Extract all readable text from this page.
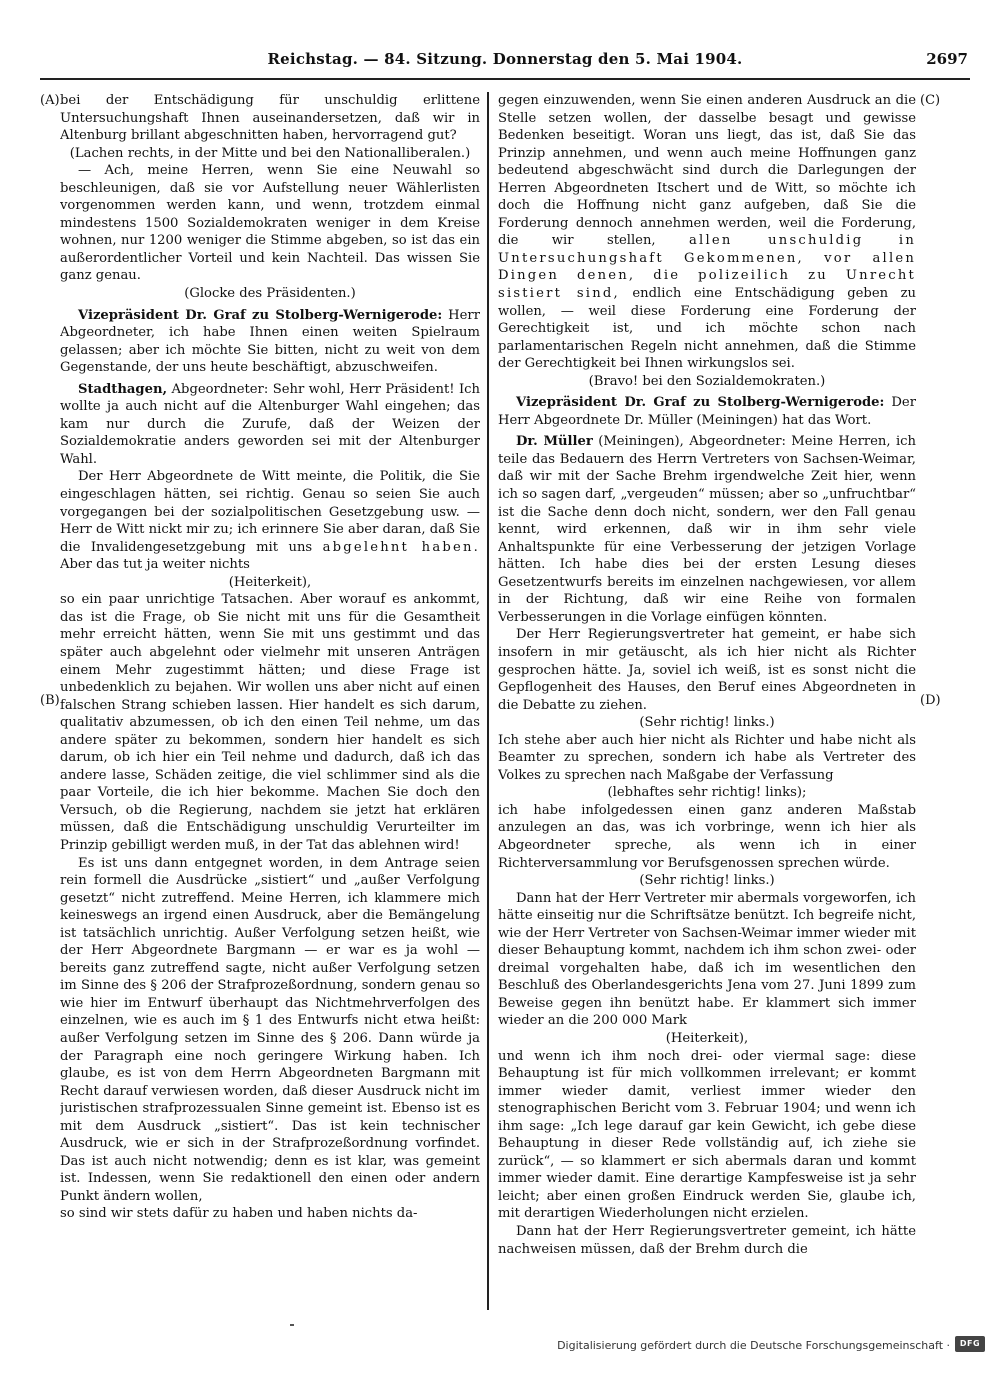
Reichstag. — 84. Sitzung. Donnerstag den 5. Mai 1904.	2697
(A)
(B)
(C)
(D)

bei der Entschädigung für unschuldig erlittene Untersuchungshaft Ihnen auseinandersetzen, daß wir in Altenburg brillant abgeschnitten haben, hervorragend gut?

(Lachen rechts, in der Mitte und bei den Nationalliberalen.)

— Ach, meine Herren, wenn Sie eine Neuwahl so beschleunigen, daß sie vor Aufstellung neuer Wählerlisten vorgenommen werden kann, und wenn, trotzdem einmal mindestens 1500 Sozialdemokraten weniger in dem Kreise wohnen, nur 1200 weniger die Stimme abgeben, so ist das ein außerordentlicher Vorteil und kein Nachteil. Das wissen Sie ganz genau.

(Glocke des Präsidenten.)

Vizepräsident Dr. Graf zu Stolberg-Wernigerode: Herr Abgeordneter, ich habe Ihnen einen weiten Spielraum gelassen; aber ich möchte Sie bitten, nicht zu weit von dem Gegenstande, der uns heute beschäftigt, abzuschweifen.

Stadthagen, Abgeordneter: Sehr wohl, Herr Präsident! Ich wollte ja auch nicht auf die Altenburger Wahl eingehen; das kam nur durch die Zurufe, daß der Weizen der Sozialdemokratie anders geworden sei mit der Altenburger Wahl.

Der Herr Abgeordnete de Witt meinte, die Politik, die Sie eingeschlagen hätten, sei richtig. Genau so seien Sie auch vorgegangen bei der sozialpolitischen Gesetzgebung usw. — Herr de Witt nickt mir zu; ich erinnere Sie aber daran, daß Sie die Invalidengesetzgebung mit uns abgelehnt haben. Aber das tut ja weiter nichts

(Heiterkeit),

so ein paar unrichtige Tatsachen. Aber worauf es ankommt, das ist die Frage, ob Sie nicht mit uns für die Gesamtheit mehr erreicht hätten, wenn Sie mit uns gestimmt und das später auch abgelehnt oder vielmehr mit unseren Anträgen einem Mehr zugestimmt hätten; und diese Frage ist unbedenklich zu bejahen. Wir wollen uns aber nicht auf einen falschen Strang schieben lassen. Hier handelt es sich darum, qualitativ abzumessen, ob ich den einen Teil nehme, um das andere später zu bekommen, sondern hier handelt es sich darum, ob ich hier ein Teil nehme und dadurch, daß ich das andere lasse, Schäden zeitige, die viel schlimmer sind als die paar Vorteile, die ich hier bekomme. Machen Sie doch den Versuch, ob die Regierung, nachdem sie jetzt hat erklären müssen, daß die Entschädigung unschuldig Verurteilter im Prinzip gebilligt werden muß, in der Tat das ablehnen wird!

Es ist uns dann entgegnet worden, in dem Antrage seien rein formell die Ausdrücke „sistiert“ und „außer Verfolgung gesetzt“ nicht zutreffend. Meine Herren, ich klammere mich keineswegs an irgend einen Ausdruck, aber die Bemängelung ist tatsächlich unrichtig. Außer Verfolgung setzen heißt, wie der Herr Abgeordnete Bargmann — er war es ja wohl — bereits ganz zutreffend sagte, nicht außer Verfolgung setzen im Sinne des § 206 der Strafprozeßordnung, sondern genau so wie hier im Entwurf überhaupt das Nichtmehrverfolgen des einzelnen, wie es auch im § 1 des Entwurfs nicht etwa heißt: außer Verfolgung setzen im Sinne des § 206. Dann würde ja der Paragraph eine noch geringere Wirkung haben. Ich glaube, es ist von dem Herrn Abgeordneten Bargmann mit Recht darauf verwiesen worden, daß dieser Ausdruck nicht im juristischen strafprozessualen Sinne gemeint ist. Ebenso ist es mit dem Ausdruck „sistiert“. Das ist kein technischer Ausdruck, wie er sich in der Strafprozeßordnung vorfindet. Das ist auch nicht notwendig; denn es ist klar, was gemeint ist. Indessen, wenn Sie redaktionell den einen oder andern Punkt ändern wollen,

so sind wir stets dafür zu haben und haben nichts da-

gegen einzuwenden, wenn Sie einen anderen Ausdruck an die Stelle setzen wollen, der dasselbe besagt und gewisse Bedenken beseitigt. Woran uns liegt, das ist, daß Sie das Prinzip annehmen, und wenn auch meine Hoffnungen ganz bedeutend abgeschwächt sind durch die Darlegungen der Herren Abgeordneten Itschert und de Witt, so möchte ich doch die Hoffnung nicht ganz aufgeben, daß Sie die Forderung dennoch annehmen werden, weil die Forderung, die wir stellen,	allen unschuldig in Untersuchungshaft Gekommenen, vor allen Dingen denen, die polizeilich zu Unrecht sistiert sind, endlich eine Entschädigung geben zu wollen, — weil diese Forderung eine Forderung der Gerechtigkeit ist, und ich möchte schon nach parlamentarischen Regeln nicht annehmen, daß die Stimme der Gerechtigkeit bei Ihnen wirkungslos sei.

(Bravo! bei den Sozialdemokraten.)

Vizepräsident Dr. Graf zu Stolberg-Wernigerode: Der Herr Abgeordnete Dr. Müller (Meiningen) hat das Wort.

Dr. Müller (Meiningen), Abgeordneter: Meine Herren, ich teile das Bedauern des Herrn Vertreters von Sachsen-Weimar, daß wir mit der Sache Brehm irgendwelche Zeit hier, wenn ich so sagen darf, „vergeuden“ müssen; aber so „unfruchtbar“ ist die Sache denn doch nicht, sondern, wer den Fall genau kennt, wird erkennen, daß wir in ihm sehr viele Anhaltspunkte für eine Verbesserung der jetzigen Vorlage hätten. Ich habe dies bei der ersten Lesung dieses Gesetzentwurfs bereits im einzelnen nachgewiesen, vor allem in der Richtung, daß wir eine Reihe von formalen Verbesserungen in die Vorlage einfügen könnten.

Der Herr Regierungsvertreter hat gemeint, er habe sich insofern in mir getäuscht, als ich hier nicht als Richter gesprochen hätte. Ja, soviel ich weiß, ist es sonst nicht die Gepflogenheit des Hauses, den Beruf eines Abgeordneten in die Debatte zu ziehen.

(Sehr richtig! links.)

Ich stehe aber auch hier nicht als Richter und habe nicht als Beamter zu sprechen, sondern ich habe als Vertreter des Volkes zu sprechen nach Maßgabe der Verfassung

(lebhaftes sehr richtig! links);

ich habe infolgedessen einen ganz anderen Maßstab anzulegen an das, was ich vorbringe, wenn ich hier als Abgeordneter spreche, als wenn ich in einer Richterversammlung vor Berufsgenossen sprechen würde.

(Sehr richtig! links.)

Dann hat der Herr Vertreter mir abermals vorgeworfen, ich hätte einseitig nur die Schriftsätze benützt. Ich begreife nicht, wie der Herr Vertreter von Sachsen-Weimar immer wieder mit dieser Behauptung kommt, nachdem ich ihm schon zwei- oder dreimal vorgehalten habe, daß ich im wesentlichen den Beschluß des Oberlandesgerichts Jena vom 27. Juni 1899 zum Beweise gegen ihn benützt habe. Er klammert sich immer wieder an die 200 000 Mark

(Heiterkeit),

und wenn ich ihm noch drei- oder viermal sage: diese Behauptung ist für mich vollkommen irrelevant; er kommt immer wieder damit, verliest immer wieder den stenographischen Bericht vom 3. Februar 1904; und wenn ich ihm sage: „Ich lege darauf gar kein Gewicht, ich gebe diese Behauptung in dieser Rede vollständig auf, ich ziehe sie zurück“, — so klammert er sich abermals daran und kommt immer wieder damit. Eine derartige Kampfesweise ist ja sehr leicht; aber einen großen Eindruck werden Sie, glaube ich, mit derartigen Wiederholungen nicht erzielen.

Dann hat der Herr Regierungsvertreter gemeint, ich hätte nachweisen müssen, daß der Brehm durch die

Digitalisierung gefördert durch die Deutsche Forschungsgemeinschaft ·	DFG
